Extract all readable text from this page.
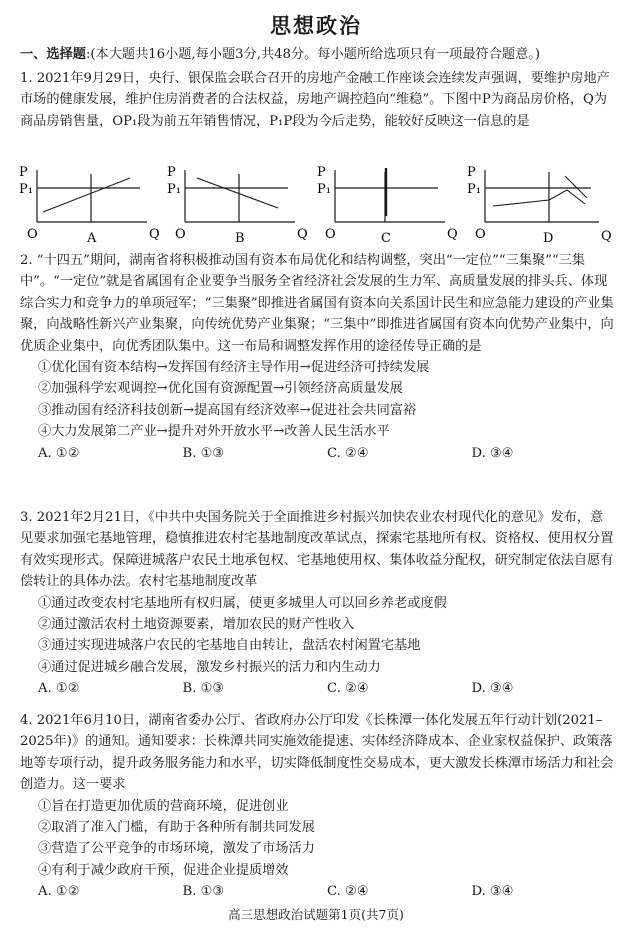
思想政治
一、选择题:(本大题共16小题,每小题3分,共48分。每小题所给选项只有一项最符合题意。)

1. 2021年9月29日，央行、银保监会联合召开的房地产金融工作座谈会连续发声强调，要维护房地产市场的健康发展，维护住房消费者的合法权益，房地产调控趋向“维稳”。下图中P为商品房价格，Q为商品房销售量，OP₁段为前五年销售情况，P₁P段为今后走势，能较好反映这一信息的是

P
P₁
O	Q
A
P
P₁
O	Q
B
P
P₁
O	Q
C
P
P₁
O	Q
D

2. “十四五”期间，湖南省将积极推动国有资本布局优化和结构调整，突出“一定位”“三集聚”“三集中”。“一定位”就是省属国有企业要争当服务全省经济社会发展的生力军、高质量发展的排头兵、体现综合实力和竞争力的单项冠军；“三集聚”即推进省属国有资本向关系国计民生和应急能力建设的产业集聚，向战略性新兴产业集聚，向传统优势产业集聚；“三集中”即推进省属国有资本向优势产业集中，向优质企业集中，向优秀团队集中。这一布局和调整发挥作用的途径传导正确的是

①优化国有资本结构→发挥国有经济主导作用→促进经济可持续发展

②加强科学宏观调控→优化国有资源配置→引领经济高质量发展

③推动国有经济科技创新→提高国有经济效率→促进社会共同富裕

④大力发展第二产业→提升对外开放水平→改善人民生活水平

A. ①②	B. ①③	C. ②④	D. ③④

3. 2021年2月21日，《中共中央国务院关于全面推进乡村振兴加快农业农村现代化的意见》发布，意见要求加强宅基地管理，稳慎推进农村宅基地制度改革试点，探索宅基地所有权、资格权、使用权分置有效实现形式。保障进城落户农民土地承包权、宅基地使用权、集体收益分配权，研究制定依法自愿有偿转让的具体办法。农村宅基地制度改革

①通过改变农村宅基地所有权归属，使更多城里人可以回乡养老或度假

②通过激活农村土地资源要素，增加农民的财产性收入

③通过实现进城落户农民的宅基地自由转让，盘活农村闲置宅基地

④通过促进城乡融合发展，激发乡村振兴的活力和内生动力

A. ①②	B. ①③	C. ②④	D. ③④

4. 2021年6月10日，湖南省委办公厅、省政府办公厅印发《长株潭一体化发展五年行动计划(2021–2025年)》的通知。通知要求：长株潭共同实施效能提速、实体经济降成本、企业家权益保护、政策落地等专项行动，提升政务服务能力和水平，切实降低制度性交易成本，更大激发长株潭市场活力和社会创造力。这一要求

①旨在打造更加优质的营商环境，促进创业

②取消了准入门槛，有助于各种所有制共同发展

③营造了公平竞争的市场环境，激发了市场活力

④有利于减少政府干预，促进企业提质增效

A. ①②	B. ①③	C. ②④	D. ③④
高三思想政治试题第1页(共7页)
